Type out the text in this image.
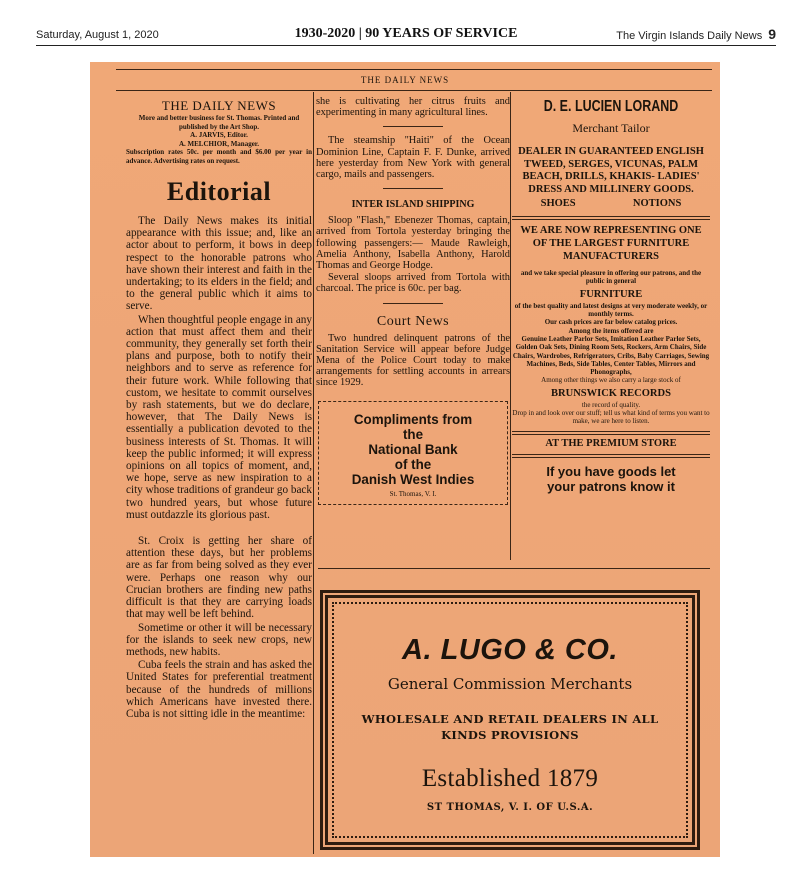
Saturday, August 1, 2020	1930-2020 | 90 YEARS OF SERVICE	The Virgin Islands Daily News 9
THE DAILY NEWS
THE DAILY NEWS
More and better business for St. Thomas. Printed and published by the Art Shop.
A. JARVIS, Editor.
A. MELCHIOR, Manager.
Subscription rates 50c. per month and $6.00 per year in advance. Advertising rates on request.
Editorial

The Daily News makes its initial appearance with this issue; and, like an actor about to perform, it bows in deep respect to the honorable patrons who have shown their interest and faith in the undertaking; to its elders in the field; and to the general public which it aims to serve.

When thoughtful people engage in any action that must affect them and their community, they generally set forth their plans and purpose, both to notify their neighbors and to serve as reference for their future work. While following that custom, we hesitate to commit ourselves by rash statements, but we do declare, however, that The Daily News is essentially a publication devoted to the business interests of St. Thomas. It will keep the public informed; it will express opinions on all topics of moment, and, we hope, serve as new inspiration to a city whose traditions of grandeur go back two hundred years, but whose future must outdazzle its glorious past.

St. Croix is getting her share of attention these days, but her problems are as far from being solved as they ever were. Perhaps one reason why our Crucian brothers are finding new paths difficult is that they are carrying loads that may well be left behind.

Sometime or other it will be necessary for the islands to seek new crops, new methods, new habits.

Cuba feels the strain and has asked the United States for preferential treatment because of the hundreds of millions which Americans have invested there. Cuba is not sitting idle in the meantime:

she is cultivating her citrus fruits and experimenting in many agricultural lines.

The steamship "Haiti" of the Ocean Dominion Line, Captain F. F. Dunke, arrived here yesterday from New York with general cargo, mails and passengers.

INTER ISLAND SHIPPING

Sloop "Flash," Ebenezer Thomas, captain, arrived from Tortola yesterday bringing the following passengers:— Maude Rawleigh, Amelia Anthony, Isabella Anthony, Harold Thomas and George Hodge.

Several sloops arrived from Tortola with charcoal. The price is 60c. per bag.

Court News

Two hundred delinquent patrons of the Sanitation Service will appear before Judge Mena of the Police Court today to make arrangements for settling accounts in arrears since 1929.

Compliments from
the
National Bank
of the
Danish West Indies
St. Thomas, V. I.
D. E. LUCIEN LORAND
Merchant Tailor
DEALER IN GUARANTEED ENGLISH TWEED, SERGES, VICUNAS, PALM BEACH, DRILLS, KHAKIS- LADIES' DRESS AND MILLINERY GOODS.
SHOES	NOTIONS
WE ARE NOW REPRESENTING ONE OF THE LARGEST FURNITURE MANUFACTURERS
and we take special pleasure in offering our patrons, and the public in general
FURNITURE
of the best quality and latest designs at very moderate weekly, or monthly terms.
Our cash prices are far below catalog prices.
Among the items offered are
Genuine Leather Parlor Sets, Imitation Leather Parlor Sets, Golden Oak Sets, Dining Room Sets, Rockers, Arm Chairs, Side Chairs, Wardrobes, Refrigerators, Cribs, Baby Carriages, Sewing Machines, Beds, Side Tables, Center Tables, Mirrors and Phonographs,
Among other things we also carry a large stock of
BRUNSWICK RECORDS
the record of quality.
Drop in and look over our stuff; tell us what kind of terms you want to make, we are here to listen.
AT THE PREMIUM STORE
If you have goods let
your patrons know it
A. LUGO & CO.
General Commission Merchants
WHOLESALE AND RETAIL DEALERS IN ALL
KINDS PROVISIONS
Established 1879
ST THOMAS, V. I. OF U.S.A.
